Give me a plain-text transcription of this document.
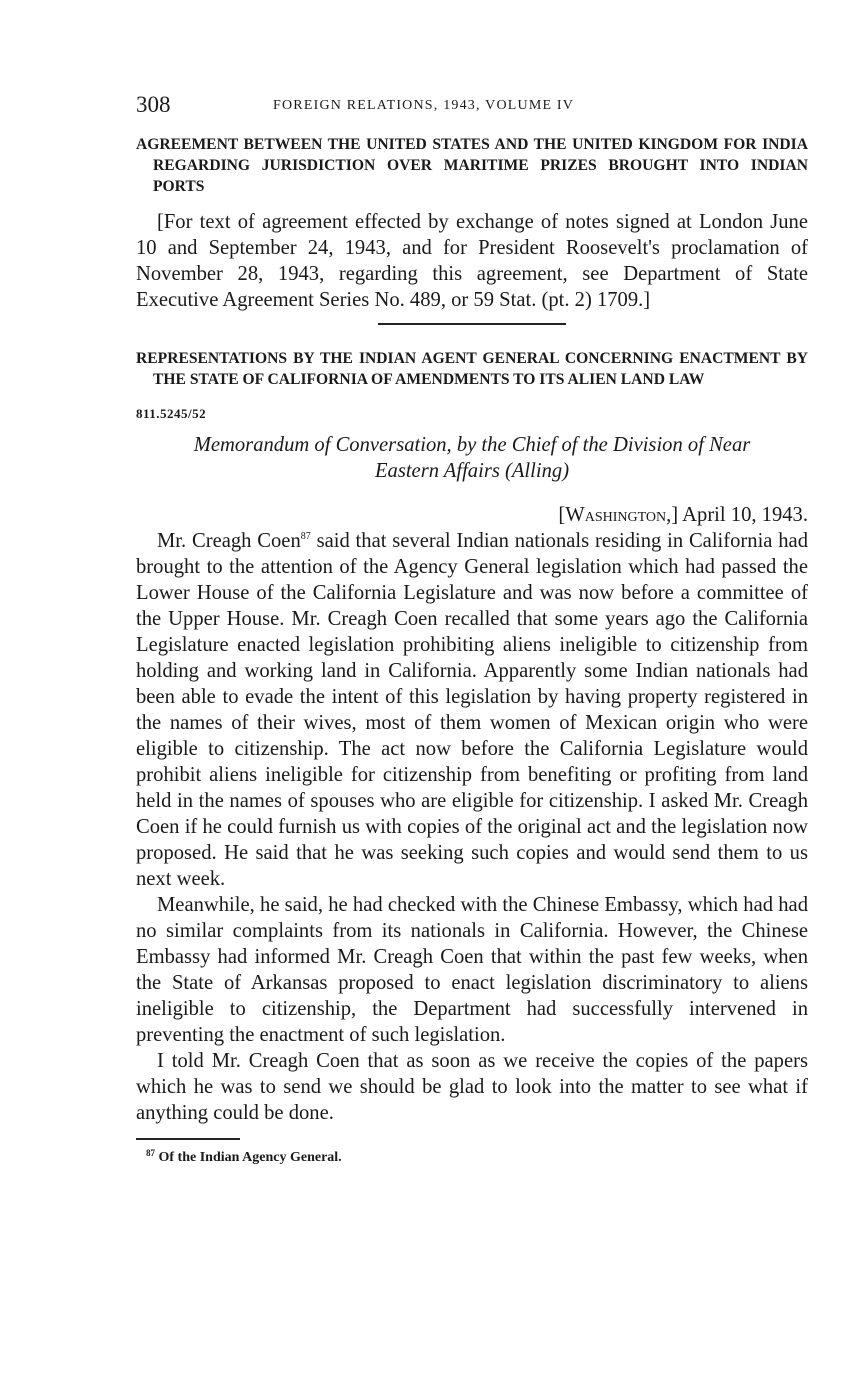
308	FOREIGN RELATIONS, 1943, VOLUME IV

AGREEMENT BETWEEN THE UNITED STATES AND THE UNITED KINGDOM FOR INDIA REGARDING JURISDICTION OVER MARITIME PRIZES BROUGHT INTO INDIAN PORTS

[For text of agreement effected by exchange of notes signed at London June 10 and September 24, 1943, and for President Roosevelt's proclamation of November 28, 1943, regarding this agreement, see Department of State Executive Agreement Series No. 489, or 59 Stat. (pt. 2) 1709.]

REPRESENTATIONS BY THE INDIAN AGENT GENERAL CONCERNING ENACTMENT BY THE STATE OF CALIFORNIA OF AMENDMENTS TO ITS ALIEN LAND LAW

811.5245/52
Memorandum of Conversation, by the Chief of the Division of Near
Eastern Affairs (Alling)

[Washington,] April 10, 1943.

Mr. Creagh Coen$^{87}$ said that several Indian nationals residing in California had brought to the attention of the Agency General legislation which had passed the Lower House of the California Legislature and was now before a committee of the Upper House. Mr. Creagh Coen recalled that some years ago the California Legislature enacted legislation prohibiting aliens ineligible to citizenship from holding and working land in California. Apparently some Indian nationals had been able to evade the intent of this legislation by having property registered in the names of their wives, most of them women of Mexican origin who were eligible to citizenship. The act now before the California Legislature would prohibit aliens ineligible for citizenship from benefiting or profiting from land held in the names of spouses who are eligible for citizenship. I asked Mr. Creagh Coen if he could furnish us with copies of the original act and the legislation now proposed. He said that he was seeking such copies and would send them to us next week.

Meanwhile, he said, he had checked with the Chinese Embassy, which had had no similar complaints from its nationals in California. However, the Chinese Embassy had informed Mr. Creagh Coen that within the past few weeks, when the State of Arkansas proposed to enact legislation discriminatory to aliens ineligible to citizenship, the Department had successfully intervened in preventing the enactment of such legislation.

I told Mr. Creagh Coen that as soon as we receive the copies of the papers which he was to send we should be glad to look into the matter to see what if anything could be done.

$^{87}$ Of the Indian Agency General.
